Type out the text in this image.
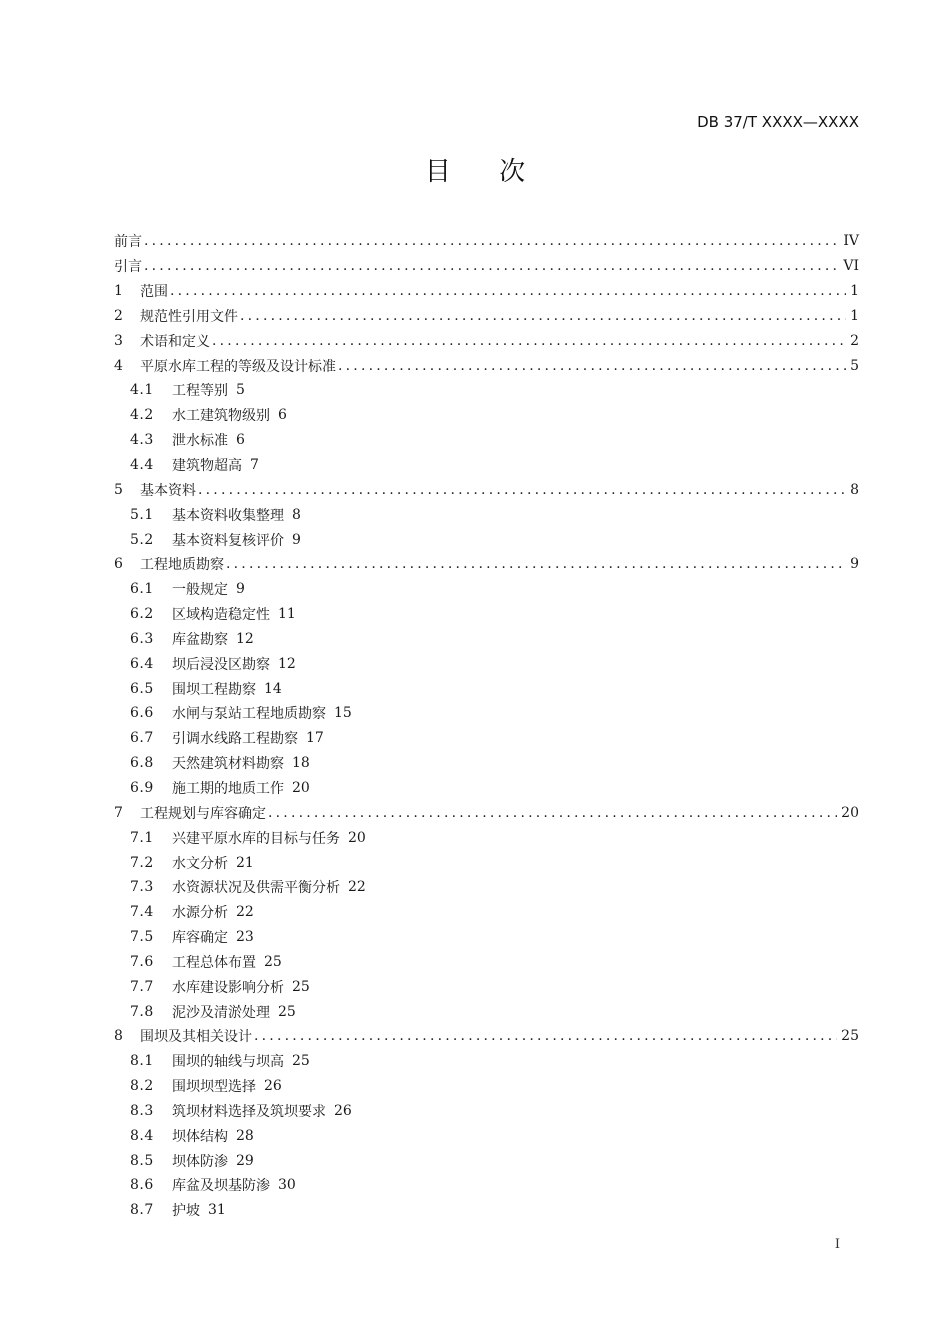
DB 37/T XXXX—XXXX
目 次
前言 .....	IV
引言 .....	VI
1	范围 .....	1
2	规范性引用文件 .....	1
3	术语和定义 .....	2
4	平原水库工程的等级及设计标准 .....	5
4.1	工程等别 5
4.2	水工建筑物级别 6
4.3	泄水标准 6
4.4	建筑物超高 7
5	基本资料 .....	8
5.1	基本资料收集整理 8
5.2	基本资料复核评价 9
6	工程地质勘察 .....	9
6.1	一般规定 9
6.2	区域构造稳定性 11
6.3	库盆勘察 12
6.4	坝后浸没区勘察 12
6.5	围坝工程勘察 14
6.6	水闸与泵站工程地质勘察 15
6.7	引调水线路工程勘察 17
6.8	天然建筑材料勘察 18
6.9	施工期的地质工作 20
7	工程规划与库容确定 .....	20
7.1	兴建平原水库的目标与任务 20
7.2	水文分析 21
7.3	水资源状况及供需平衡分析 22
7.4	水源分析 22
7.5	库容确定 23
7.6	工程总体布置 25
7.7	水库建设影响分析 25
7.8	泥沙及清淤处理 25
8	围坝及其相关设计 .....	25
8.1	围坝的轴线与坝高 25
8.2	围坝坝型选择 26
8.3	筑坝材料选择及筑坝要求 26
8.4	坝体结构 28
8.5	坝体防渗 29
8.6	库盆及坝基防渗 30
8.7	护坡 31
I
